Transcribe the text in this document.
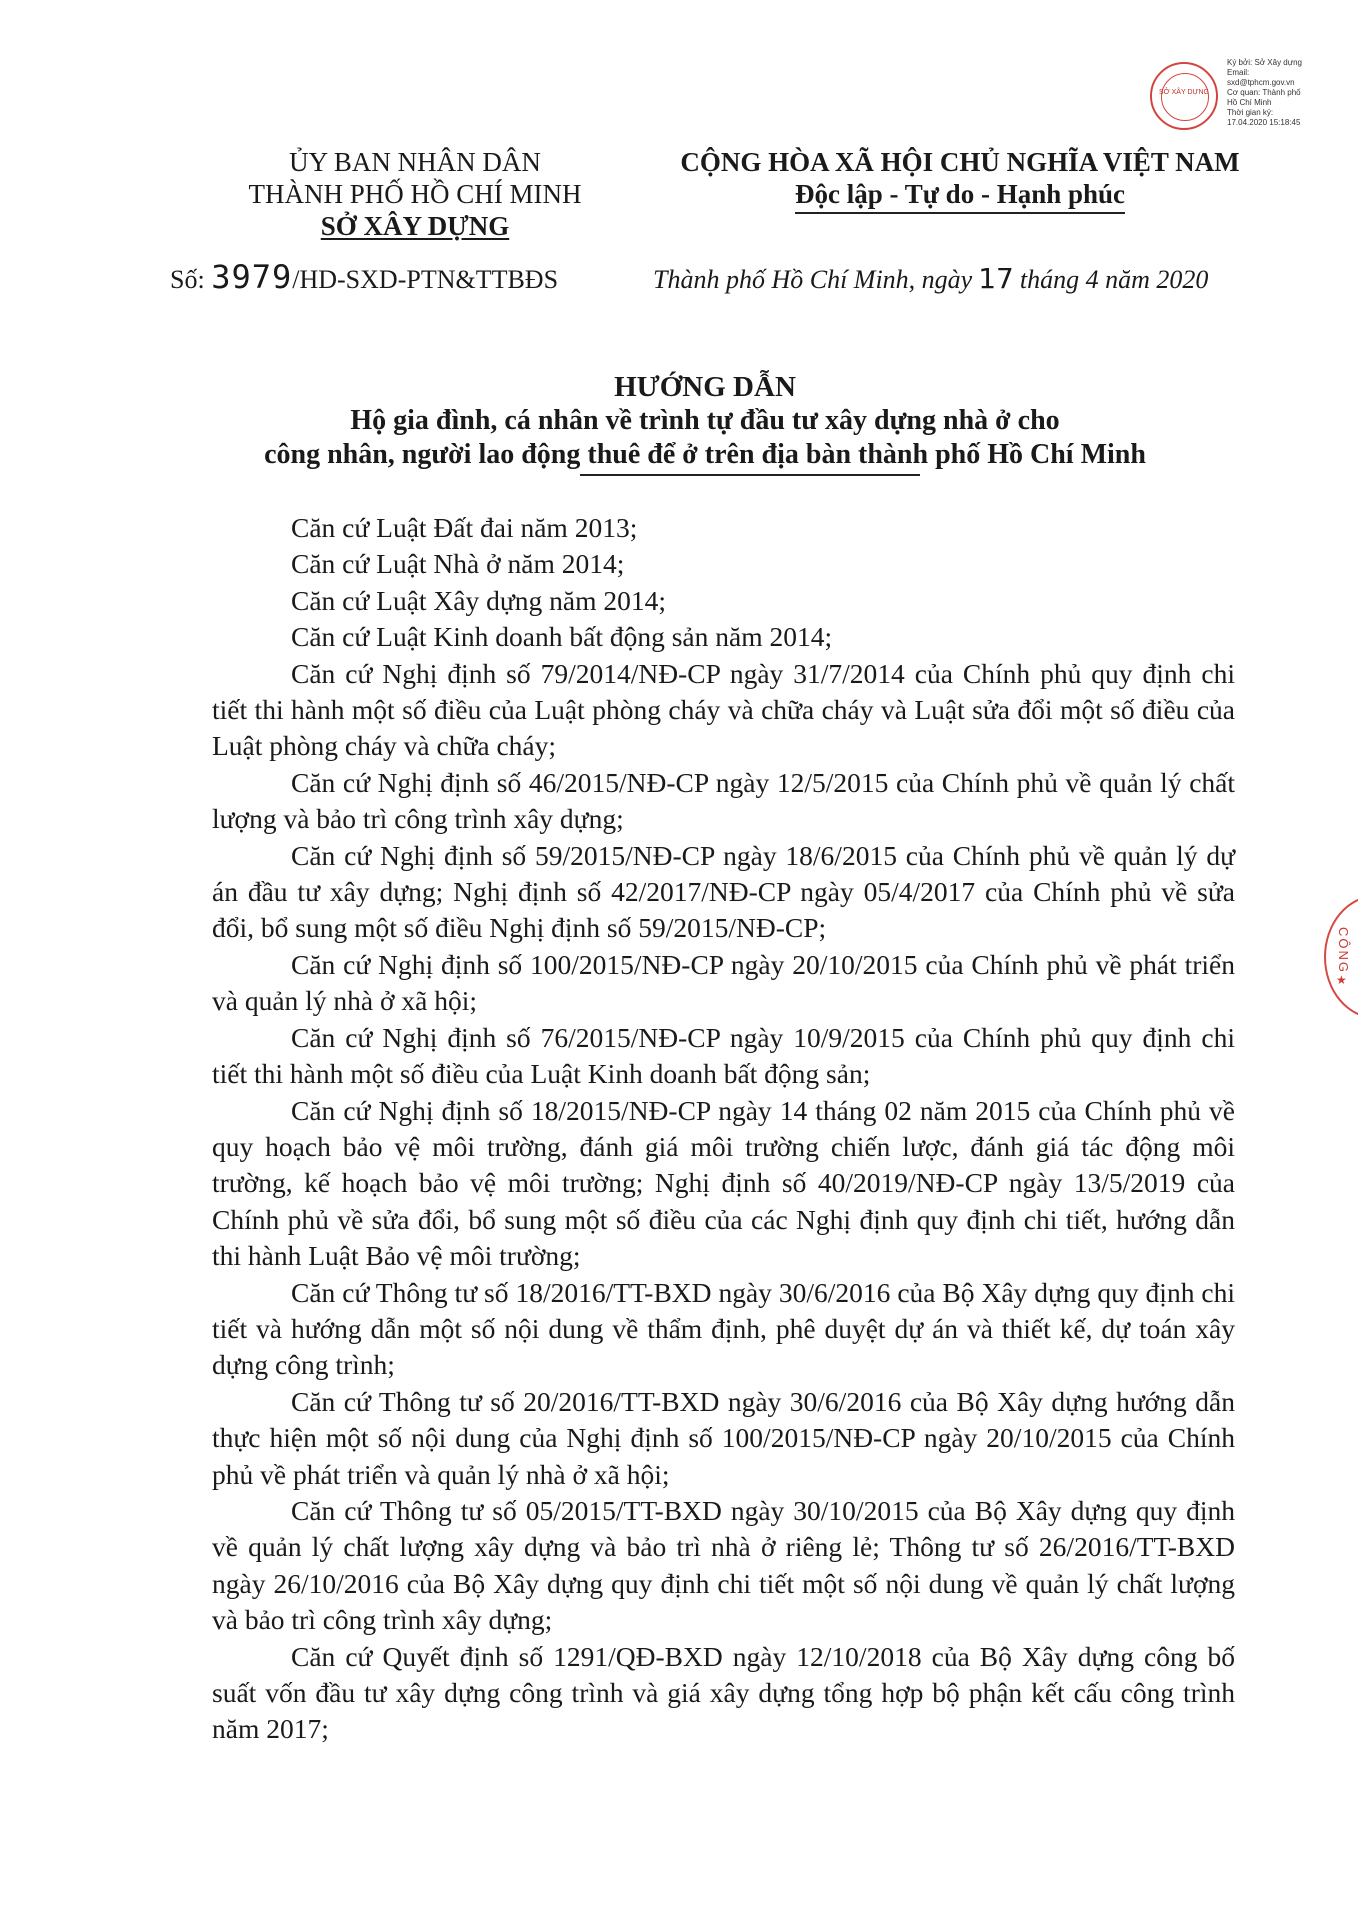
SỞ XÂY DỰNG
Ký bởi: Sở Xây dựng
Email:
sxd@tphcm.gov.vn
Cơ quan: Thành phố
Hồ Chí Minh
Thời gian ký:
17.04.2020 15:18:45
ỦY BAN NHÂN DÂN
THÀNH PHỐ HỒ CHÍ MINH
SỞ XÂY DỰNG
CỘNG HÒA XÃ HỘI CHỦ NGHĨA VIỆT NAM
Độc lập - Tự do - Hạnh phúc
Số: 3979/HD-SXD-PTN&TTBĐS	Thành phố Hồ Chí Minh, ngày 17 tháng 4 năm 2020
HƯỚNG DẪN
Hộ gia đình, cá nhân về trình tự đầu tư xây dựng nhà ở cho
công nhân, người lao động thuê để ở trên địa bàn thành phố Hồ Chí Minh

Căn cứ Luật Đất đai năm 2013;

Căn cứ Luật Nhà ở năm 2014;

Căn cứ Luật Xây dựng năm 2014;

Căn cứ Luật Kinh doanh bất động sản năm 2014;

Căn cứ Nghị định số 79/2014/NĐ-CP ngày 31/7/2014 của Chính phủ quy định chi tiết thi hành một số điều của Luật phòng cháy và chữa cháy và Luật sửa đổi một số điều của Luật phòng cháy và chữa cháy;

Căn cứ Nghị định số 46/2015/NĐ-CP ngày 12/5/2015 của Chính phủ về quản lý chất lượng và bảo trì công trình xây dựng;

Căn cứ Nghị định số 59/2015/NĐ-CP ngày 18/6/2015 của Chính phủ về quản lý dự án đầu tư xây dựng; Nghị định số 42/2017/NĐ-CP ngày 05/4/2017 của Chính phủ về sửa đổi, bổ sung một số điều Nghị định số 59/2015/NĐ-CP;

Căn cứ Nghị định số 100/2015/NĐ-CP ngày 20/10/2015 của Chính phủ về phát triển và quản lý nhà ở xã hội;

Căn cứ Nghị định số 76/2015/NĐ-CP ngày 10/9/2015 của Chính phủ quy định chi tiết thi hành một số điều của Luật Kinh doanh bất động sản;

Căn cứ Nghị định số 18/2015/NĐ-CP ngày 14 tháng 02 năm 2015 của Chính phủ về quy hoạch bảo vệ môi trường, đánh giá môi trường chiến lược, đánh giá tác động môi trường, kế hoạch bảo vệ môi trường; Nghị định số 40/2019/NĐ-CP ngày 13/5/2019 của Chính phủ về sửa đổi, bổ sung một số điều của các Nghị định quy định chi tiết, hướng dẫn thi hành Luật Bảo vệ môi trường;

Căn cứ Thông tư số 18/2016/TT-BXD ngày 30/6/2016 của Bộ Xây dựng quy định chi tiết và hướng dẫn một số nội dung về thẩm định, phê duyệt dự án và thiết kế, dự toán xây dựng công trình;

Căn cứ Thông tư số 20/2016/TT-BXD ngày 30/6/2016 của Bộ Xây dựng hướng dẫn thực hiện một số nội dung của Nghị định số 100/2015/NĐ-CP ngày 20/10/2015 của Chính phủ về phát triển và quản lý nhà ở xã hội;

Căn cứ Thông tư số 05/2015/TT-BXD ngày 30/10/2015 của Bộ Xây dựng quy định về quản lý chất lượng xây dựng và bảo trì nhà ở riêng lẻ; Thông tư số 26/2016/TT-BXD ngày 26/10/2016 của Bộ Xây dựng quy định chi tiết một số nội dung về quản lý chất lượng và bảo trì công trình xây dựng;

Căn cứ Quyết định số 1291/QĐ-BXD ngày 12/10/2018 của Bộ Xây dựng công bố suất vốn đầu tư xây dựng công trình và giá xây dựng tổng hợp bộ phận kết cấu công trình năm 2017;

CÔNG
★
